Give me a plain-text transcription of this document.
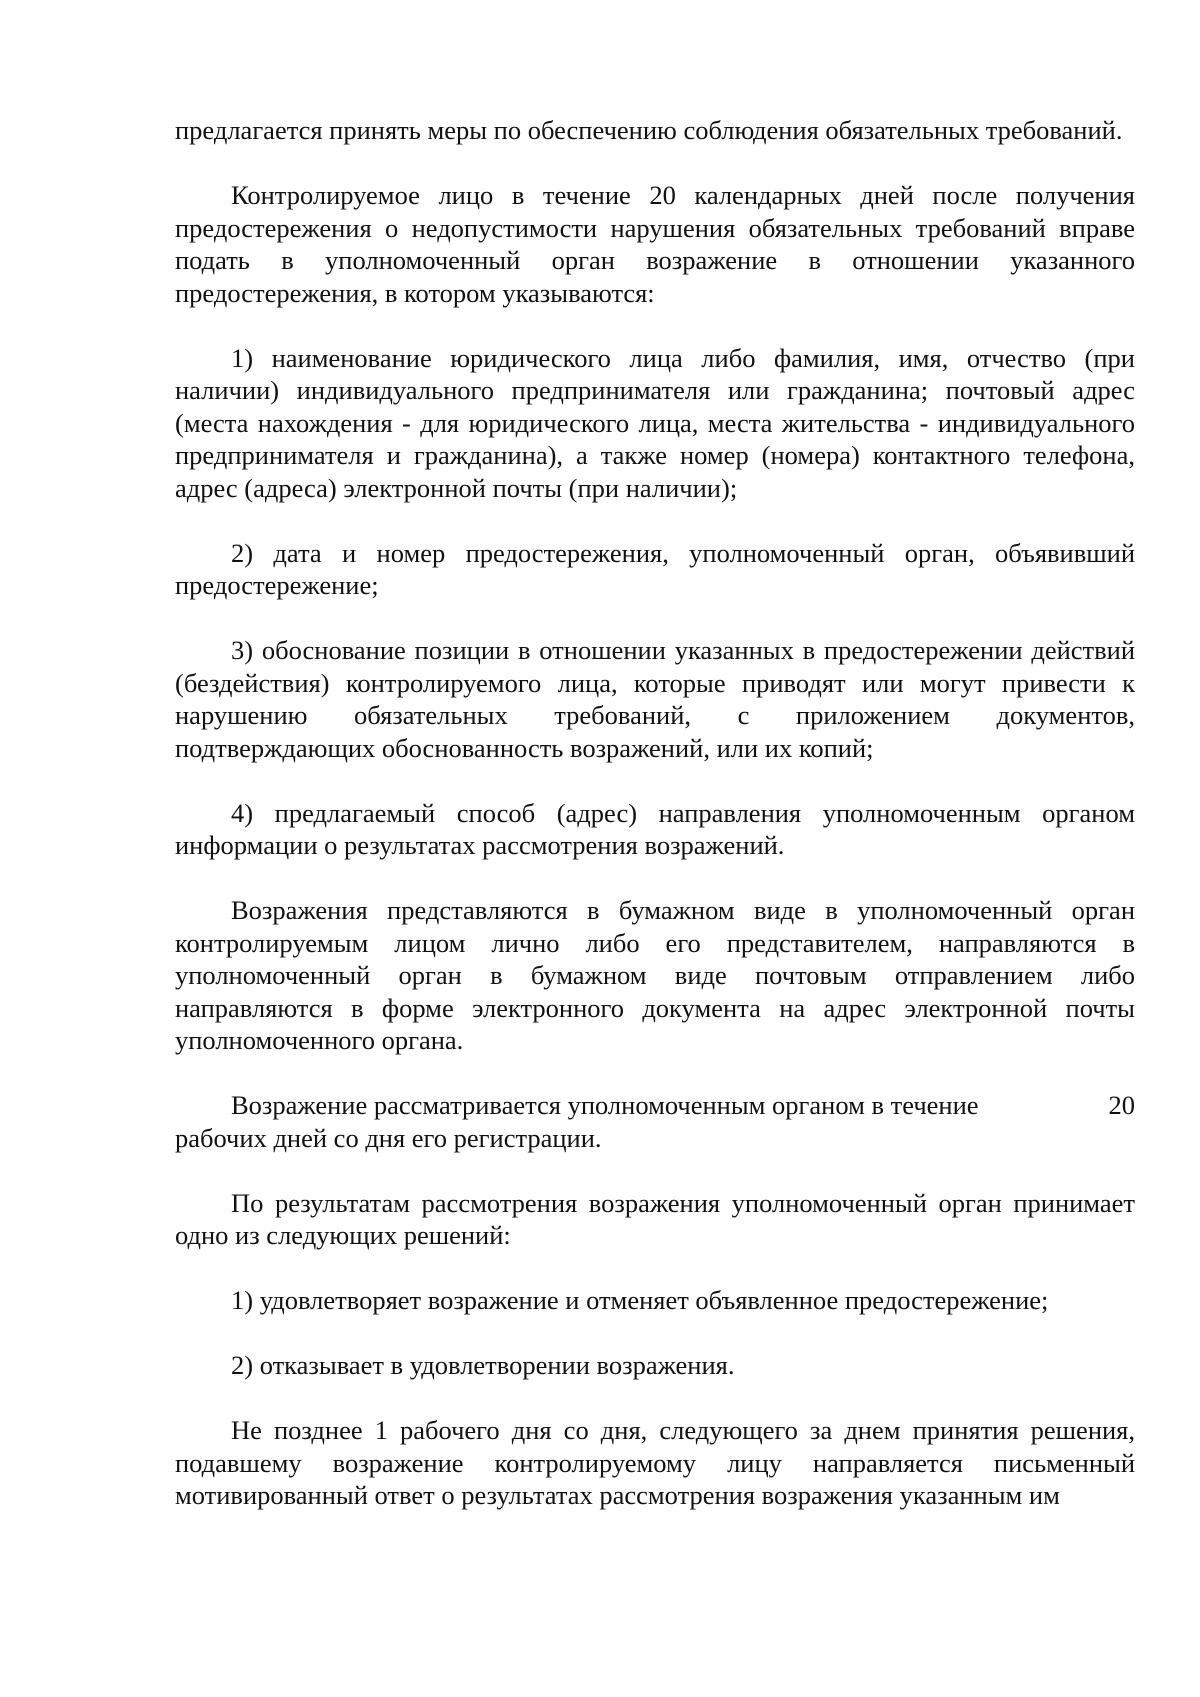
предлагается принять меры по обеспечению соблюдения обязательных требований.

Контролируемое лицо в течение 20 календарных дней после получения предостережения о недопустимости нарушения обязательных требований вправе подать в уполномоченный орган возражение в отношении указанного предостережения, в котором указываются:

1) наименование юридического лица либо фамилия, имя, отчество (при наличии) индивидуального предпринимателя или гражданина; почтовый адрес (места нахождения - для юридического лица, места жительства - индивидуального предпринимателя и гражданина), а также номер (номера) контактного телефона, адрес (адреса) электронной почты (при наличии);

2) дата и номер предостережения, уполномоченный орган, объявивший предостережение;

3) обоснование позиции в отношении указанных в предостережении действий (бездействия) контролируемого лица, которые приводят или могут привести к нарушению обязательных требований, с приложением документов, подтверждающих обоснованность возражений, или их копий;

4) предлагаемый способ (адрес) направления уполномоченным органом информации о результатах рассмотрения возражений.

Возражения представляются в бумажном виде в уполномоченный орган контролируемым лицом лично либо его представителем, направляются в уполномоченный орган в бумажном виде почтовым отправлением либо направляются в форме электронного документа на адрес электронной почты уполномоченного органа.

Возражение рассматривается уполномоченным органом в течение	20
рабочих дней со дня его регистрации.

По результатам рассмотрения возражения уполномоченный орган принимает одно из следующих решений:

1) удовлетворяет возражение и отменяет объявленное предостережение;

2) отказывает в удовлетворении возражения.

Не позднее 1 рабочего дня со дня, следующего за днем принятия решения, подавшему возражение контролируемому лицу направляется письменный мотивированный ответ о результатах рассмотрения возражения указанным им
